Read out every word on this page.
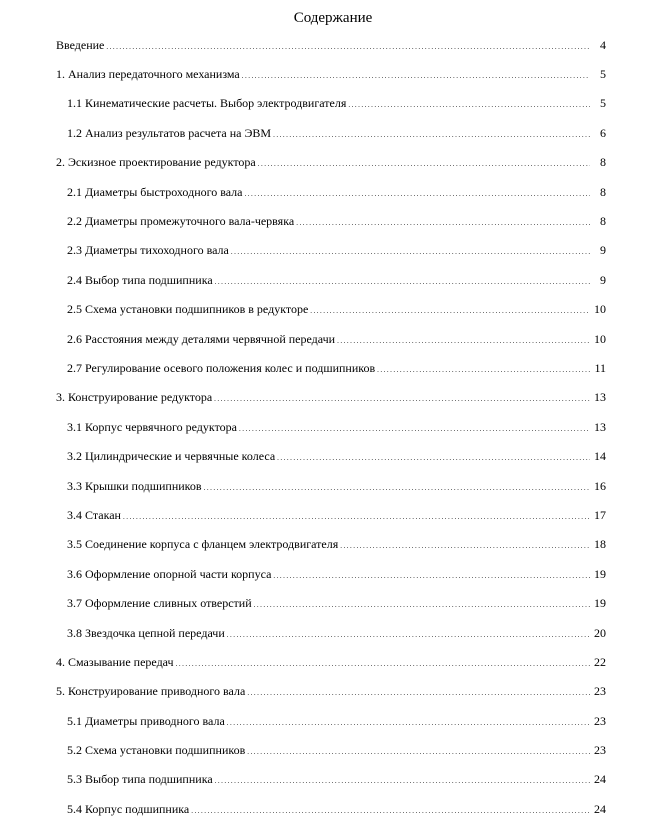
Содержание
Введение .....	4
1. Анализ передаточного механизма .....	5
1.1 Кинематические расчеты. Выбор электродвигателя .....	5
1.2 Анализ результатов расчета на ЭВМ .....	6
2. Эскизное проектирование редуктора .....	8
2.1 Диаметры быстроходного вала .....	8
2.2 Диаметры промежуточного вала-червяка .....	8
2.3 Диаметры тихоходного вала .....	9
2.4 Выбор типа подшипника .....	9
2.5 Схема установки подшипников в редукторе .....	10
2.6 Расстояния между деталями червячной передачи .....	10
2.7 Регулирование осевого положения колес и подшипников .....	11
3. Конструирование редуктора .....	13
3.1 Корпус червячного редуктора .....	13
3.2 Цилиндрические и червячные колеса .....	14
3.3 Крышки подшипников .....	16
3.4 Стакан .....	17
3.5 Соединение корпуса с фланцем электродвигателя .....	18
3.6 Оформление опорной части корпуса .....	19
3.7 Оформление сливных отверстий .....	19
3.8 Звездочка цепной передачи .....	20
4. Смазывание передач .....	22
5. Конструирование приводного вала .....	23
5.1 Диаметры приводного вала .....	23
5.2 Схема установки подшипников .....	23
5.3 Выбор типа подшипника .....	24
5.4 Корпус подшипника .....	24
